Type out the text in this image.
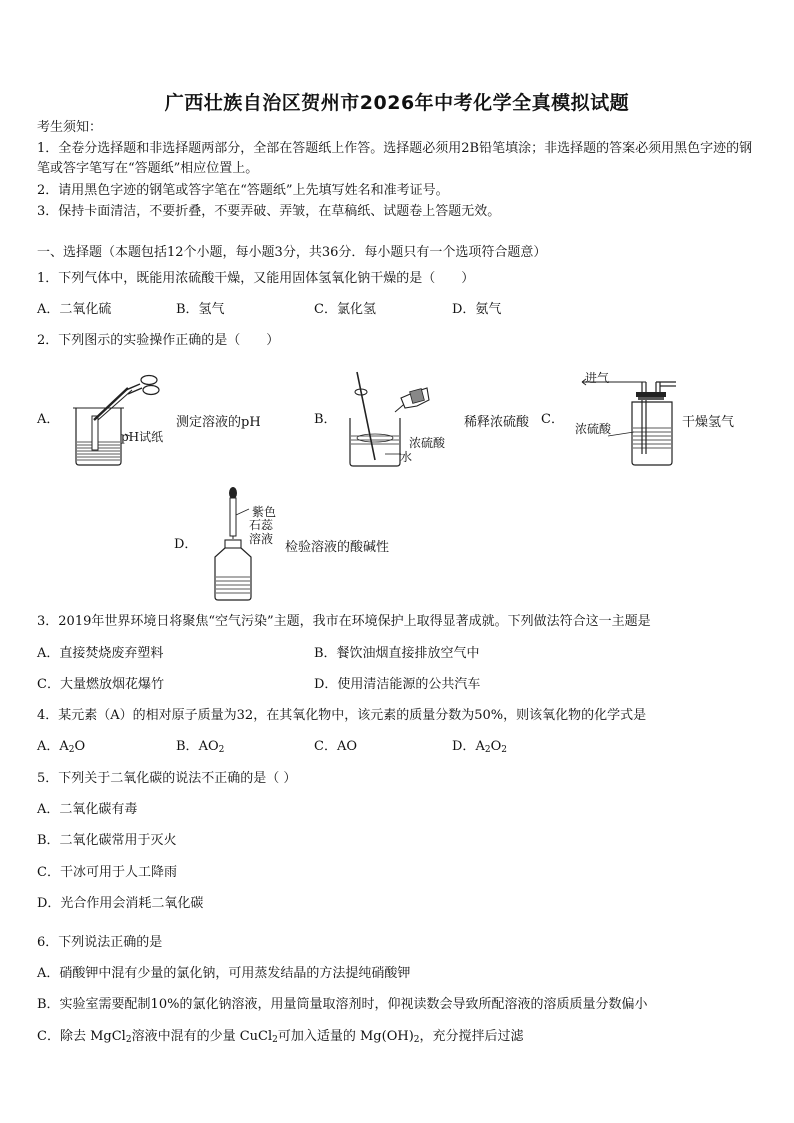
广西壮族自治区贺州市2026年中考化学全真模拟试题
考生须知：
1．全卷分选择题和非选择题两部分，全部在答题纸上作答。选择题必须用2B铅笔填涂；非选择题的答案必须用黑色字迹的钢笔或答字笔写在“答题纸”相应位置上。
2．请用黑色字迹的钢笔或答字笔在“答题纸”上先填写姓名和准考证号。
3．保持卡面清洁，不要折叠，不要弄破、弄皱，在草稿纸、试题卷上答题无效。
一、选择题（本题包括12个小题，每小题3分，共36分．每小题只有一个选项符合题意）
1．下列气体中，既能用浓硫酸干燥，又能用固体氢氧化钠干燥的是（　　）
A．二氧化硫	B．氢气	C．氯化氢	D．氨气
2．下列图示的实验操作正确的是（　　）
A．
pH试纸
测定溶液的pH	B．
浓硫酸
水
稀释浓硫酸 C．
进气
浓硫酸	干燥氢气
D．
紫色
石蕊
溶液
检验溶液的酸碱性
3．2019年世界环境日将聚焦“空气污染”主题，我市在环境保护上取得显著成就。下列做法符合这一主题是
A．直接焚烧废弃塑料	B．餐饮油烟直接排放空气中
C．大量燃放烟花爆竹	D．使用清洁能源的公共汽车
4．某元素（A）的相对原子质量为32，在其氧化物中，该元素的质量分数为50%，则该氧化物的化学式是
A．$A_2O$	B．$AO_2$	C．AO	D．$A_2O_2$
5．下列关于二氧化碳的说法不正确的是（ ）
A．二氧化碳有毒
B．二氧化碳常用于灭火
C．干冰可用于人工降雨
D．光合作用会消耗二氧化碳
6．下列说法正确的是
A．硝酸钾中混有少量的氯化钠，可用蒸发结晶的方法提纯硝酸钾
B．实验室需要配制10%的氯化钠溶液，用量筒量取溶剂时，仰视读数会导致所配溶液的溶质质量分数偏小
C．除去 MgCl$_2$溶液中混有的少量 CuCl$_2$可加入适量的 $Mg(OH)_2$，充分搅拌后过滤
